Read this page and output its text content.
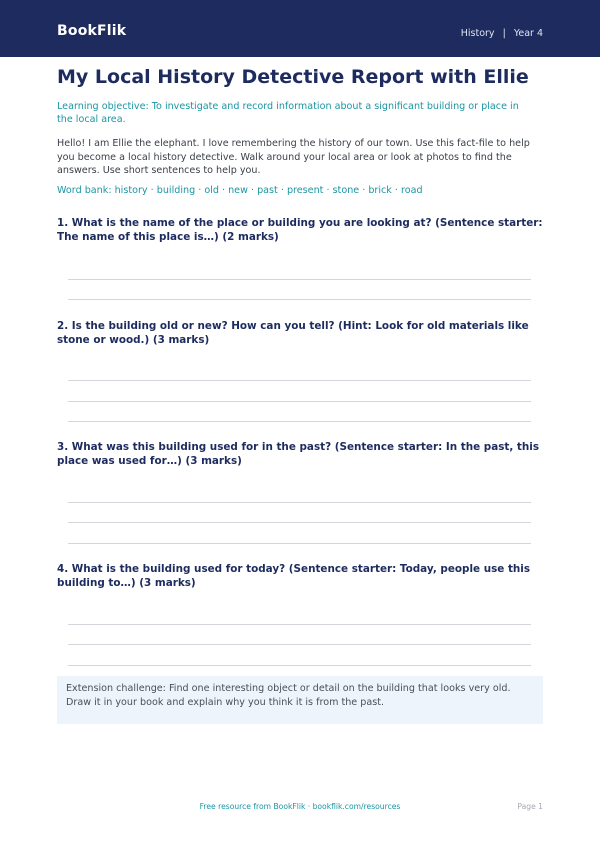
BookFlik	History | Year 4
My Local History Detective Report with Ellie
Learning objective: To investigate and record information about a significant building or place in the local area.
Hello! I am Ellie the elephant. I love remembering the history of our town. Use this fact-file to help you become a local history detective. Walk around your local area or look at photos to find the answers. Use short sentences to help you.
Word bank: history · building · old · new · past · present · stone · brick · road
1. What is the name of the place or building you are looking at? (Sentence starter: The name of this place is…) (2 marks)
2. Is the building old or new? How can you tell? (Hint: Look for old materials like stone or wood.) (3 marks)
3. What was this building used for in the past? (Sentence starter: In the past, this place was used for…) (3 marks)
4. What is the building used for today? (Sentence starter: Today, people use this building to…) (3 marks)
Extension challenge: Find one interesting object or detail on the building that looks very old. Draw it in your book and explain why you think it is from the past.
Free resource from BookFlik · bookflik.com/resources	Page 1
